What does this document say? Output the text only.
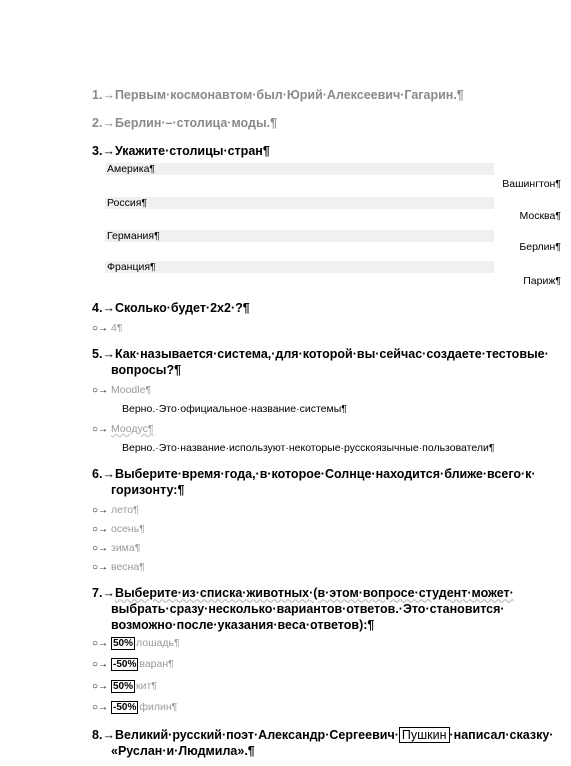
1.→Первым·космонавтом·был·Юрий·Алексеевич·Гагарин.¶
2.→Берлин·–·столица·моды.¶
3.→Укажите·столицы·стран¶
Америка¶
Вашингтон¶
Россия¶
Москва¶
Германия¶
Берлин¶
Франция¶
Париж¶
4.→Сколько·будет·2x2·?¶
○→ 4¶
5.→Как·называется·система,·для·которой·вы·сейчас·создаете·тестовые·
вопросы?¶
○→ Moodle¶
Верно.·Это·официальное·название·системы¶
○→ Моодус¶
Верно.·Это·название·используют·некоторые·русскоязычные·пользователи¶
6.→Выберите·время·года,·в·которое·Солнце·находится·ближе·всего·к·
горизонту:¶
○→ лето¶
○→ осень¶
○→ зима¶
○→ весна¶
7.→Выберите·из·списка·животных·(в·этом·вопросе·студент·может·
выбрать·сразу·несколько·вариантов·ответов.·Это·становится·
возможно·после·указания·веса·ответов):¶
○→ 50% лошадь¶
○→ -50% варан¶
○→ 50% кит¶
○→ -50% филин¶
8.→Великий·русский·поэт·Александр·Сергеевич· Пушкин ·написал·сказку·
«Руслан·и·Людмила».¶
